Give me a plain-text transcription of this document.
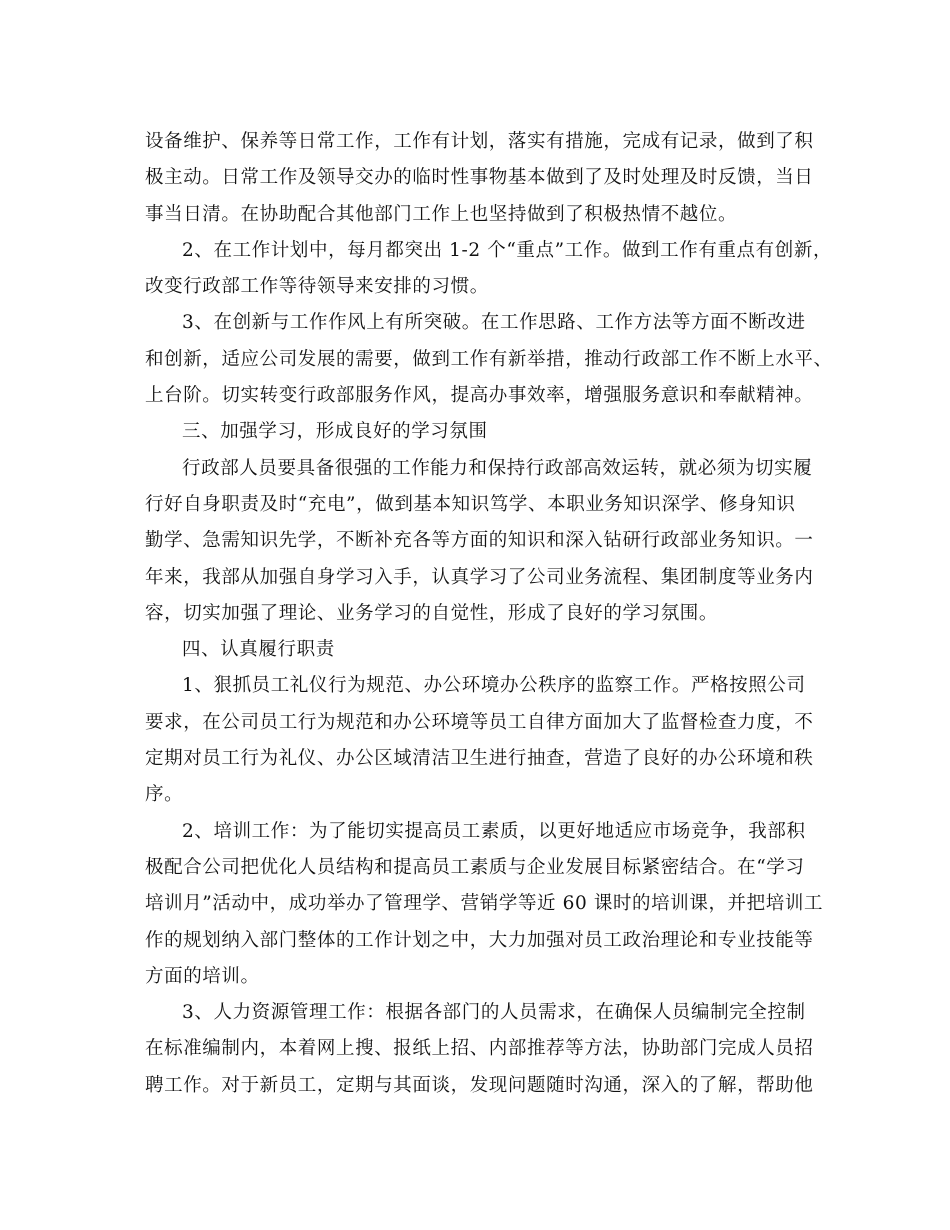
设备维护、保养等日常工作，工作有计划，落实有措施，完成有记录，做到了积
极主动。日常工作及领导交办的临时性事物基本做到了及时处理及时反馈，当日
事当日清。在协助配合其他部门工作上也坚持做到了积极热情不越位。
2、在工作计划中，每月都突出 1-2 个“重点”工作。做到工作有重点有创新，
改变行政部工作等待领导来安排的习惯。
3、在创新与工作作风上有所突破。在工作思路、工作方法等方面不断改进
和创新，适应公司发展的需要，做到工作有新举措，推动行政部工作不断上水平、
上台阶。切实转变行政部服务作风，提高办事效率，增强服务意识和奉献精神。
三、加强学习，形成良好的学习氛围
行政部人员要具备很强的工作能力和保持行政部高效运转，就必须为切实履
行好自身职责及时“充电”，做到基本知识笃学、本职业务知识深学、修身知识
勤学、急需知识先学，不断补充各等方面的知识和深入钻研行政部业务知识。一
年来，我部从加强自身学习入手，认真学习了公司业务流程、集团制度等业务内
容，切实加强了理论、业务学习的自觉性，形成了良好的学习氛围。
四、认真履行职责
1、狠抓员工礼仪行为规范、办公环境办公秩序的监察工作。严格按照公司
要求，在公司员工行为规范和办公环境等员工自律方面加大了监督检查力度，不
定期对员工行为礼仪、办公区域清洁卫生进行抽查，营造了良好的办公环境和秩
序。
2、培训工作：为了能切实提高员工素质，以更好地适应市场竞争，我部积
极配合公司把优化人员结构和提高员工素质与企业发展目标紧密结合。在“学习
培训月”活动中，成功举办了管理学、营销学等近 60 课时的培训课，并把培训工
作的规划纳入部门整体的工作计划之中，大力加强对员工政治理论和专业技能等
方面的培训。
3、人力资源管理工作：根据各部门的人员需求，在确保人员编制完全控制
在标准编制内，本着网上搜、报纸上招、内部推荐等方法，协助部门完成人员招
聘工作。对于新员工，定期与其面谈，发现问题随时沟通，深入的了解，帮助他
